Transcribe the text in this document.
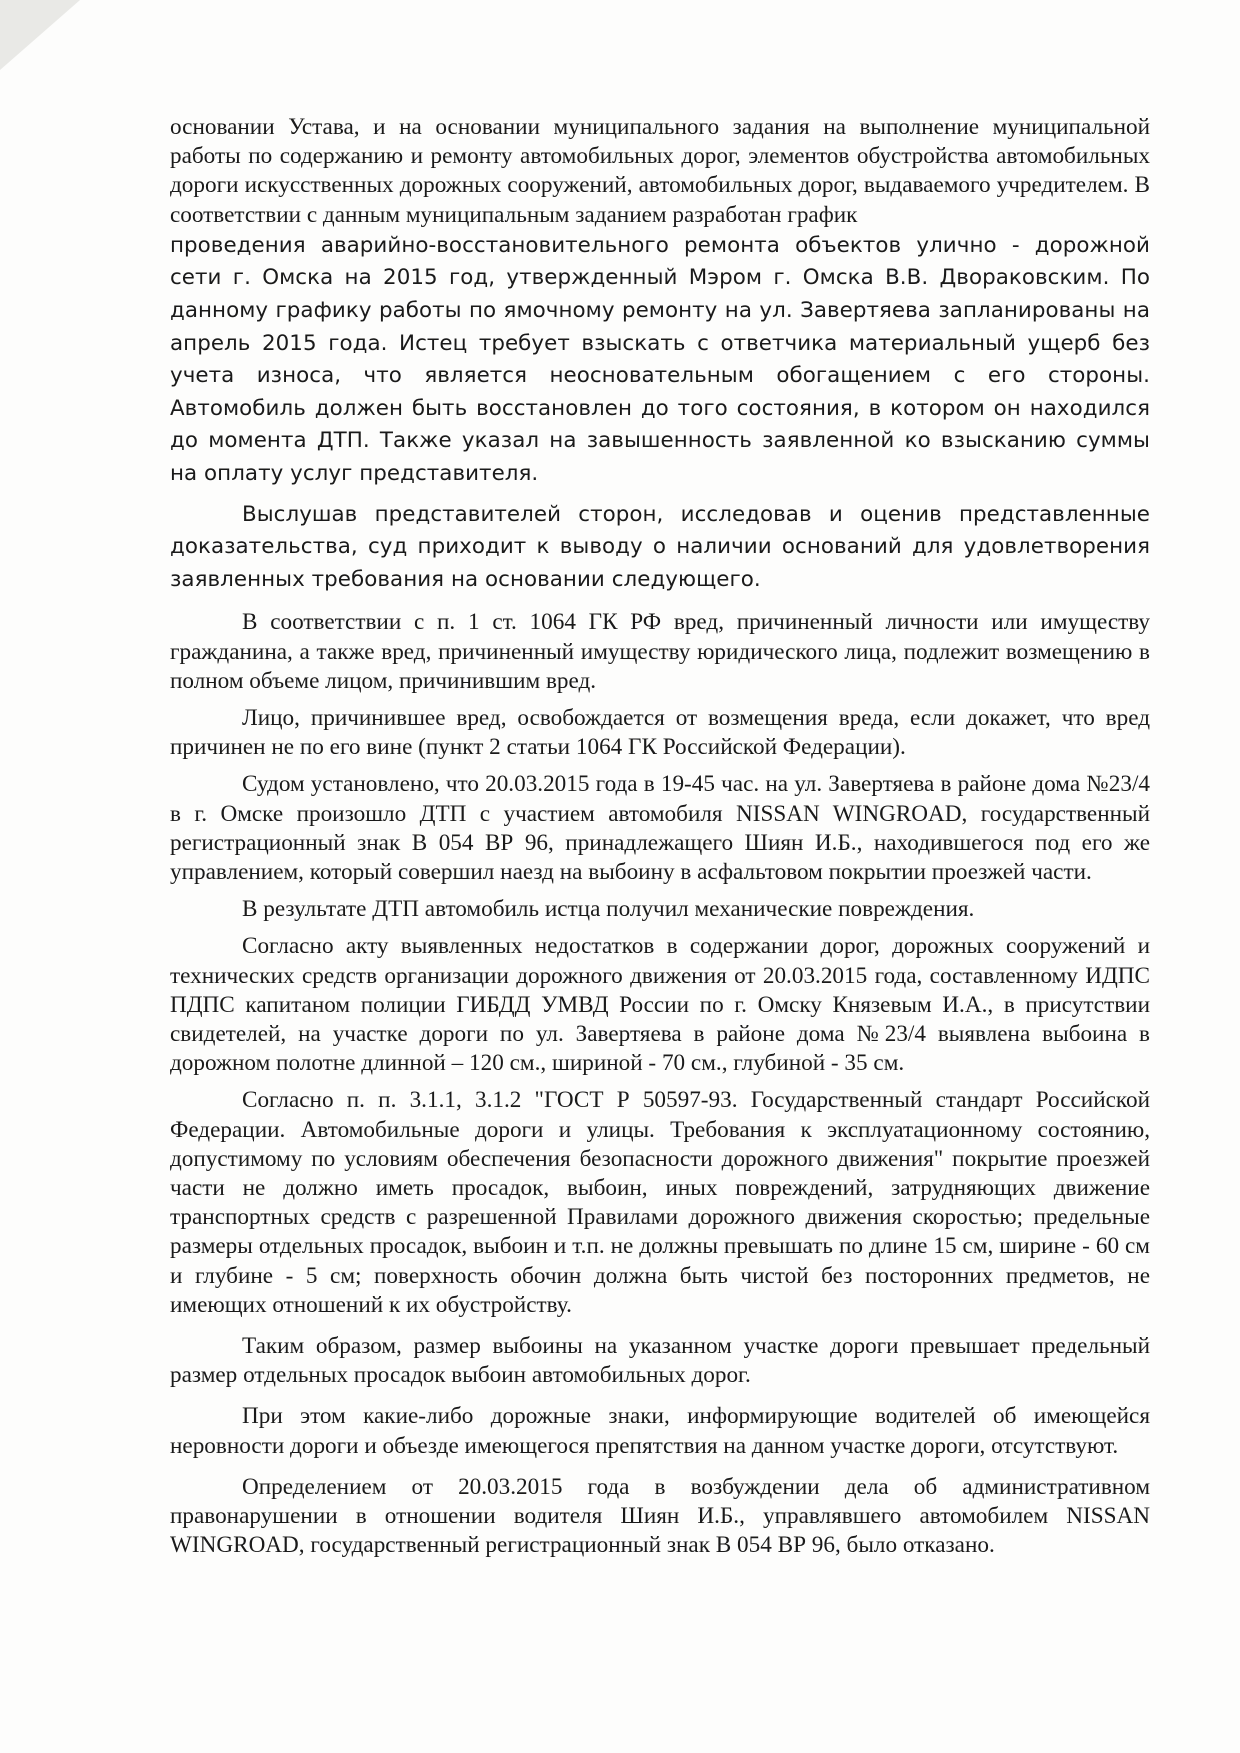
основании Устава, и на основании муниципального задания на выполнение муниципальной работы по содержанию и ремонту автомобильных дорог, элементов обустройства автомобильных дороги искусственных дорожных сооружений, автомобильных дорог, выдаваемого учредителем. В соответствии с данным муниципальным заданием разработан график

проведения аварийно-восстановительного ремонта объектов улично - дорожной сети г. Омска на 2015 год, утвержденный Мэром г. Омска В.В. Двораковским. По данному графику работы по ямочному ремонту на ул. Завертяева запланированы на апрель 2015 года. Истец требует взыскать с ответчика материальный ущерб без учета износа, что является неосновательным обогащением с его стороны. Автомобиль должен быть восстановлен до того состояния, в котором он находился до момента ДТП. Также указал на завышенность заявленной ко взысканию суммы на оплату услуг представителя.

Выслушав представителей сторон, исследовав и оценив представленные доказательства, суд приходит к выводу о наличии оснований для удовлетворения заявленных требования на основании следующего.

В соответствии с п. 1 ст. 1064 ГК РФ вред, причиненный личности или имуществу гражданина, а также вред, причиненный имуществу юридического лица, подлежит возмещению в полном объеме лицом, причинившим вред.

Лицо, причинившее вред, освобождается от возмещения вреда, если докажет, что вред причинен не по его вине (пункт 2 статьи 1064 ГК Российской Федерации).

Судом установлено, что 20.03.2015 года в 19-45 час. на ул. Завертяева в районе дома №23/4 в г. Омске произошло ДТП с участием автомобиля NISSAN WINGROAD, государственный регистрационный знак В 054 ВР 96, принадлежащего Шиян И.Б., находившегося под его же управлением, который совершил наезд на выбоину в асфальтовом покрытии проезжей части.

В результате ДТП автомобиль истца получил механические повреждения.

Согласно акту выявленных недостатков в содержании дорог, дорожных сооружений и технических средств организации дорожного движения от 20.03.2015 года, составленному ИДПС ПДПС капитаном полиции ГИБДД УМВД России по г. Омску Князевым И.А., в присутствии свидетелей, на участке дороги по ул. Завертяева в районе дома №23/4 выявлена выбоина в дорожном полотне длинной – 120 см., шириной - 70 см., глубиной - 35 см.

Согласно п. п. 3.1.1, 3.1.2 "ГОСТ Р 50597-93. Государственный стандарт Российской Федерации. Автомобильные дороги и улицы. Требования к эксплуатационному состоянию, допустимому по условиям обеспечения безопасности дорожного движения" покрытие проезжей части не должно иметь просадок, выбоин, иных повреждений, затрудняющих движение транспортных средств с разрешенной Правилами дорожного движения скоростью; предельные размеры отдельных просадок, выбоин и т.п. не должны превышать по длине 15 см, ширине - 60 см и глубине - 5 см; поверхность обочин должна быть чистой без посторонних предметов, не имеющих отношений к их обустройству.

Таким образом, размер выбоины на указанном участке дороги превышает предельный размер отдельных просадок выбоин автомобильных дорог.

При этом какие-либо дорожные знаки, информирующие водителей об имеющейся неровности дороги и объезде имеющегося препятствия на данном участке дороги, отсутствуют.

Определением от 20.03.2015 года в возбуждении дела об административном правонарушении в отношении водителя Шиян И.Б., управлявшего автомобилем NISSAN WINGROAD, государственный регистрационный знак В 054 ВР 96, было отказано.
